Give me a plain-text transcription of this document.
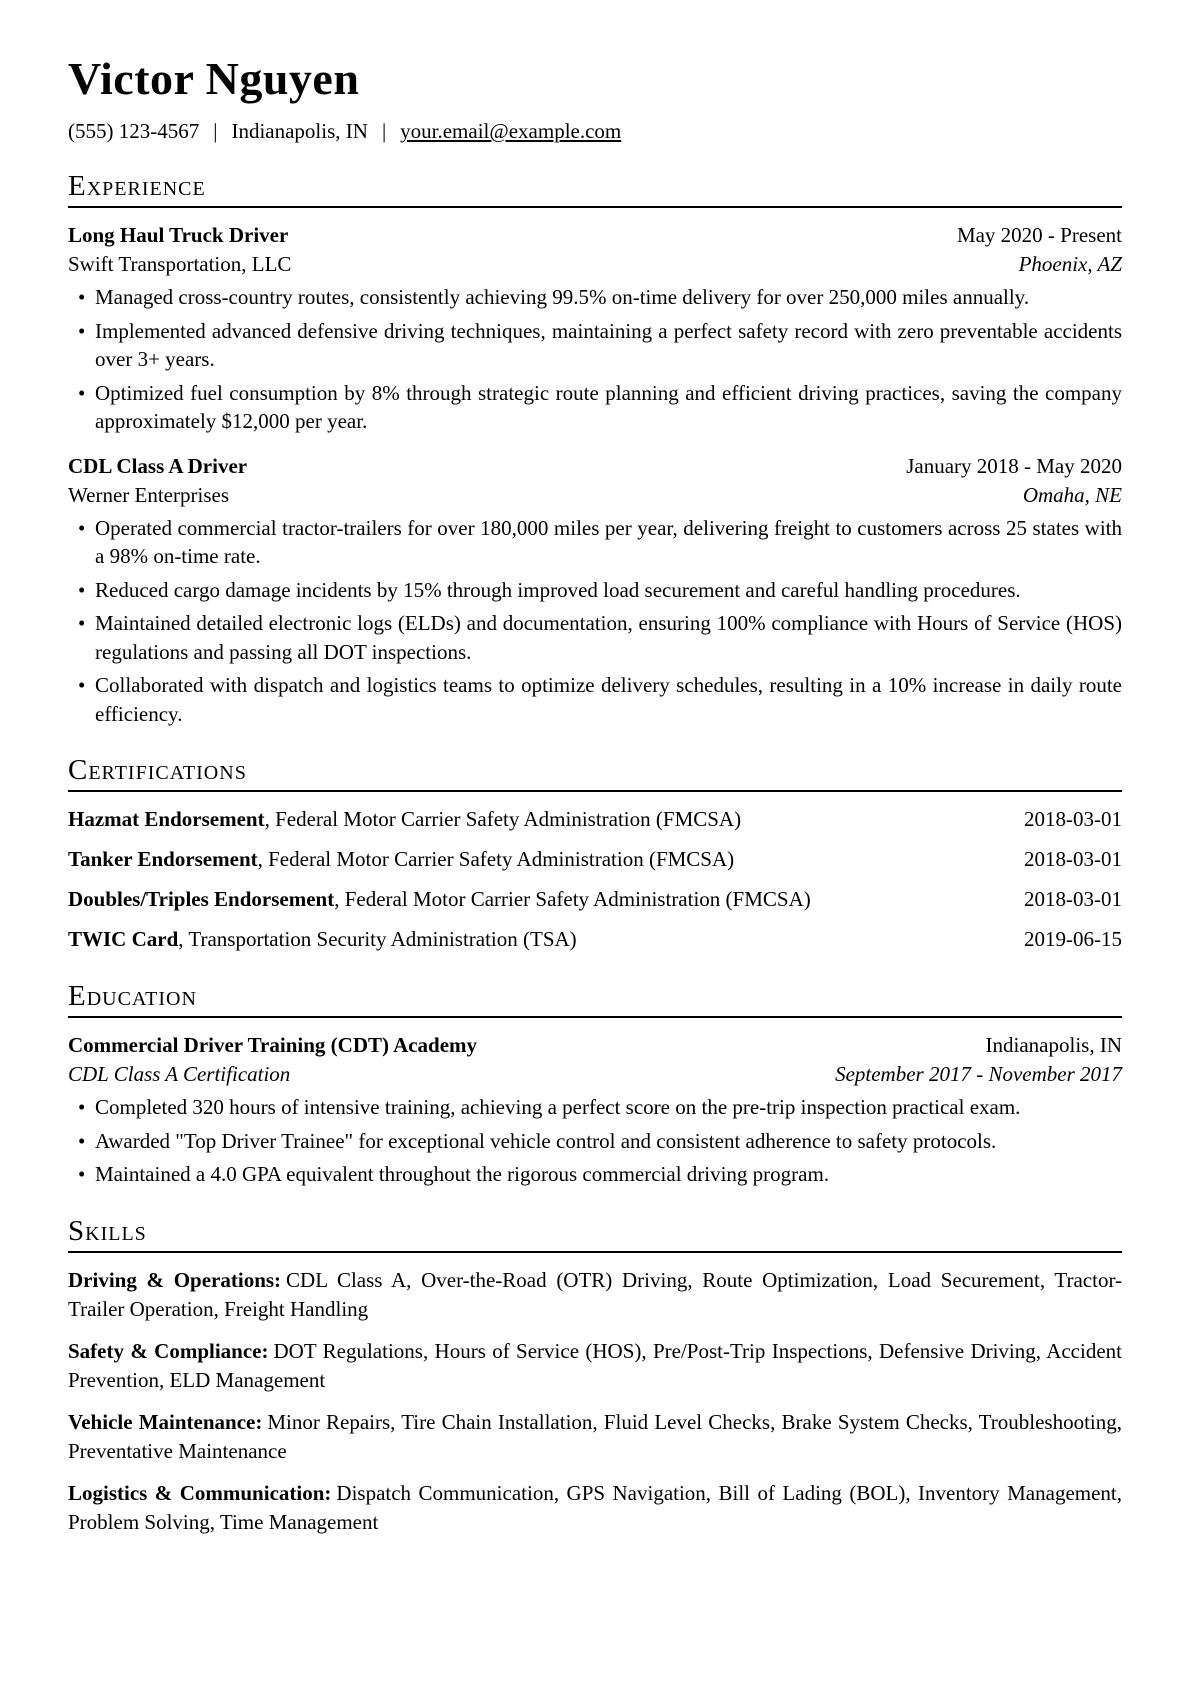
Victor Nguyen
(555) 123-4567 | Indianapolis, IN | your.email@example.com
Experience
Long Haul Truck Driver	May 2020 - Present
Swift Transportation, LLC	Phoenix, AZ
• Managed cross-country routes, consistently achieving 99.5% on-time delivery for over 250,000 miles annually.
• Implemented advanced defensive driving techniques, maintaining a perfect safety record with zero preventable accidents over 3+ years.
• Optimized fuel consumption by 8% through strategic route planning and efficient driving practices, saving the company approximately $12,000 per year.
CDL Class A Driver	January 2018 - May 2020
Werner Enterprises	Omaha, NE
• Operated commercial tractor-trailers for over 180,000 miles per year, delivering freight to customers across 25 states with a 98% on-time rate.
• Reduced cargo damage incidents by 15% through improved load securement and careful handling procedures.
• Maintained detailed electronic logs (ELDs) and documentation, ensuring 100% compliance with Hours of Service (HOS) regulations and passing all DOT inspections.
• Collaborated with dispatch and logistics teams to optimize delivery schedules, resulting in a 10% increase in daily route efficiency.
Certifications
Hazmat Endorsement, Federal Motor Carrier Safety Administration (FMCSA)	2018-03-01
Tanker Endorsement, Federal Motor Carrier Safety Administration (FMCSA)	2018-03-01
Doubles/Triples Endorsement, Federal Motor Carrier Safety Administration (FMCSA)	2018-03-01
TWIC Card, Transportation Security Administration (TSA)	2019-06-15
Education
Commercial Driver Training (CDT) Academy	Indianapolis, IN
CDL Class A Certification	September 2017 - November 2017
• Completed 320 hours of intensive training, achieving a perfect score on the pre-trip inspection practical exam.
• Awarded "Top Driver Trainee" for exceptional vehicle control and consistent adherence to safety protocols.
• Maintained a 4.0 GPA equivalent throughout the rigorous commercial driving program.
Skills

Driving & Operations: CDL Class A, Over-the-Road (OTR) Driving, Route Optimization, Load Securement, Tractor-Trailer Operation, Freight Handling

Safety & Compliance: DOT Regulations, Hours of Service (HOS), Pre/Post-Trip Inspections, Defensive Driving, Accident Prevention, ELD Management

Vehicle Maintenance: Minor Repairs, Tire Chain Installation, Fluid Level Checks, Brake System Checks, Troubleshooting, Preventative Maintenance

Logistics & Communication: Dispatch Communication, GPS Navigation, Bill of Lading (BOL), Inventory Management, Problem Solving, Time Management
